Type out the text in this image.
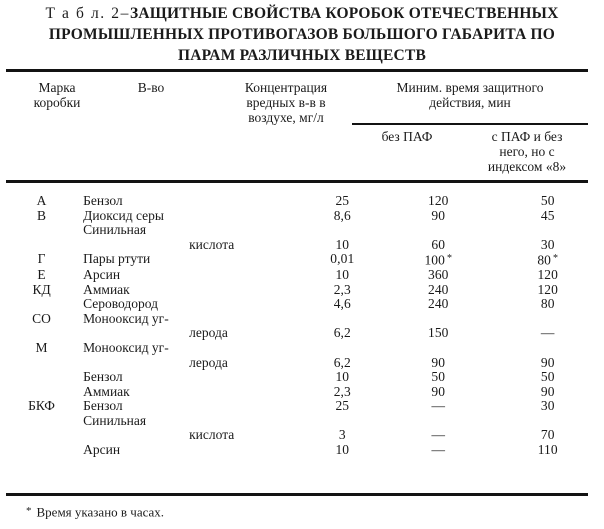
Т а б л. 2–ЗАЩИТНЫЕ СВОЙСТВА КОРОБОК ОТЕЧЕСТВЕННЫХ
ПРОМЫШЛЕННЫХ ПРОТИВОГАЗОВ БОЛЬШОГО ГАБАРИТА ПО
ПАРАМ РАЗЛИЧНЫХ ВЕЩЕСТВ
Марка
коробки
В-во	Концентрация
вредных в-в в
воздухе, мг/л
Миним. время защитного
действия, мин
без ПАФ	с ПАФ и без
него, но с
индексом «8»
А	Бензол	25	120	50
В	Диоксид серы	8,6	90	45
	Синильная			
	кислота	10	60	30
Г	Пары ртути	0,01	100 *	80 *
Е	Арсин	10	360	120
КД	Аммиак	2,3	240	120
	Сероводород	4,6	240	80
СО	Монооксид уг-			
	лерода	6,2	150	—
М	Монооксид уг-			
	лерода	6,2	90	90
	Бензол	10	50	50
	Аммиак	2,3	90	90
БКФ	Бензол	25	—	30
	Синильная			
	кислота	3	—	70
	Арсин	10	—	110
* Время указано в часах.
